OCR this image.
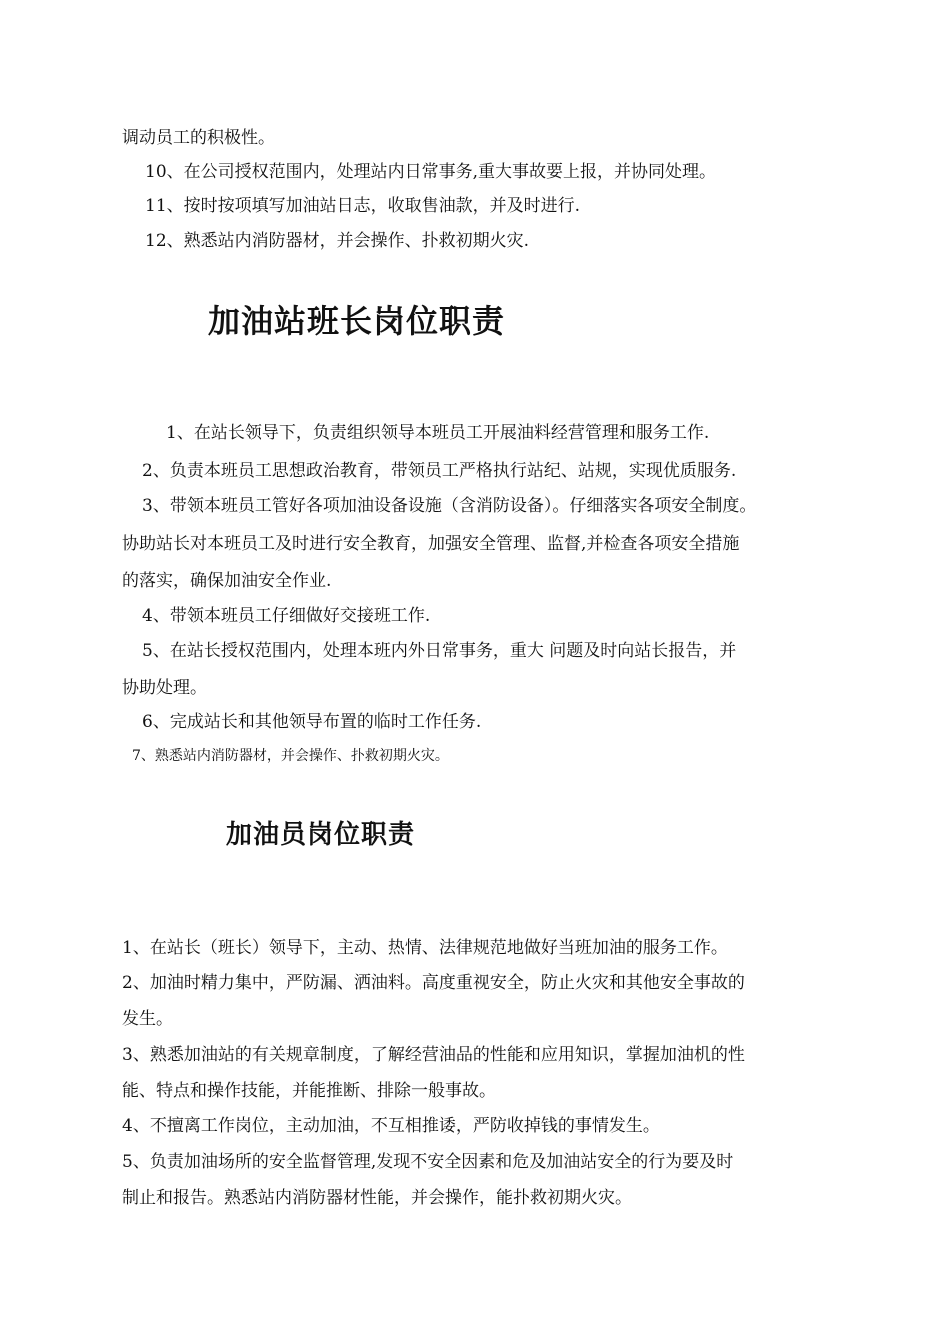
调动员工的积极性。
10、在公司授权范围内，处理站内日常事务,重大事故要上报，并协同处理。
11、按时按项填写加油站日志，收取售油款，并及时进行.
12、熟悉站内消防器材，并会操作、扑救初期火灾.
加油站班长岗位职责
1、在站长领导下，负责组织领导本班员工开展油料经营管理和服务工作.
2、负责本班员工思想政治教育，带领员工严格执行站纪、站规，实现优质服务.
3、带领本班员工管好各项加油设备设施（含消防设备）。仔细落实各项安全制度。
协助站长对本班员工及时进行安全教育，加强安全管理、监督,并检查各项安全措施
的落实，确保加油安全作业.
4、带领本班员工仔细做好交接班工作.
5、在站长授权范围内，处理本班内外日常事务，重大 问题及时向站长报告，并
协助处理。
6、完成站长和其他领导布置的临时工作任务.
7、熟悉站内消防器材，并会操作、扑救初期火灾。
加油员岗位职责
1、在站长（班长）领导下，主动、热情、法律规范地做好当班加油的服务工作。
2、加油时精力集中，严防漏、洒油料。高度重视安全，防止火灾和其他安全事故的
发生。
3、熟悉加油站的有关规章制度，了解经营油品的性能和应用知识，掌握加油机的性
能、特点和操作技能，并能推断、排除一般事故。
4、不擅离工作岗位，主动加油，不互相推诿，严防收掉钱的事情发生。
5、负责加油场所的安全监督管理,发现不安全因素和危及加油站安全的行为要及时
制止和报告。熟悉站内消防器材性能，并会操作，能扑救初期火灾。
